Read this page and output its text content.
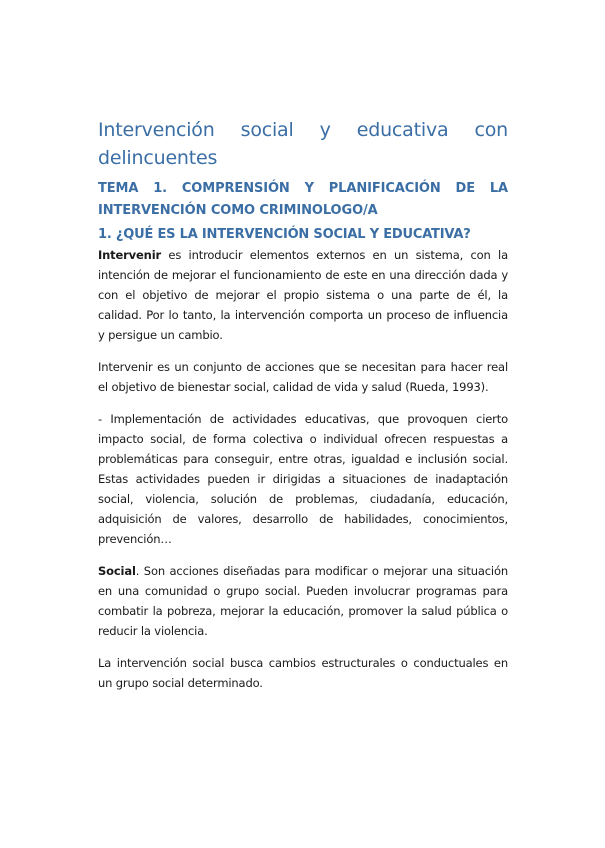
Intervención social y educativa con
delincuentes
TEMA 1. COMPRENSIÓN Y PLANIFICACIÓN DE LA
INTERVENCIÓN COMO CRIMINOLOGO/A
1. ¿QUÉ ES LA INTERVENCIÓN SOCIAL Y EDUCATIVA?

Intervenir es introducir elementos externos en un sistema, con la intención de mejorar el funcionamiento de este en una dirección dada y con el objetivo de mejorar el propio sistema o una parte de él, la calidad. Por lo tanto, la intervención comporta un proceso de influencia y persigue un cambio.

Intervenir es un conjunto de acciones que se necesitan para hacer real el objetivo de bienestar social, calidad de vida y salud (Rueda, 1993).

- Implementación de actividades educativas, que provoquen cierto impacto social, de forma colectiva o individual ofrecen respuestas a problemáticas para conseguir, entre otras, igualdad e inclusión social. Estas actividades pueden ir dirigidas a situaciones de inadaptación social, violencia, solución de problemas, ciudadanía, educación, adquisición de valores, desarrollo de habilidades, conocimientos, prevención…

Social. Son acciones diseñadas para modificar o mejorar una situación en una comunidad o grupo social. Pueden involucrar programas para combatir la pobreza, mejorar la educación, promover la salud pública o reducir la violencia.

La intervención social busca cambios estructurales o conductuales en un grupo social determinado.
